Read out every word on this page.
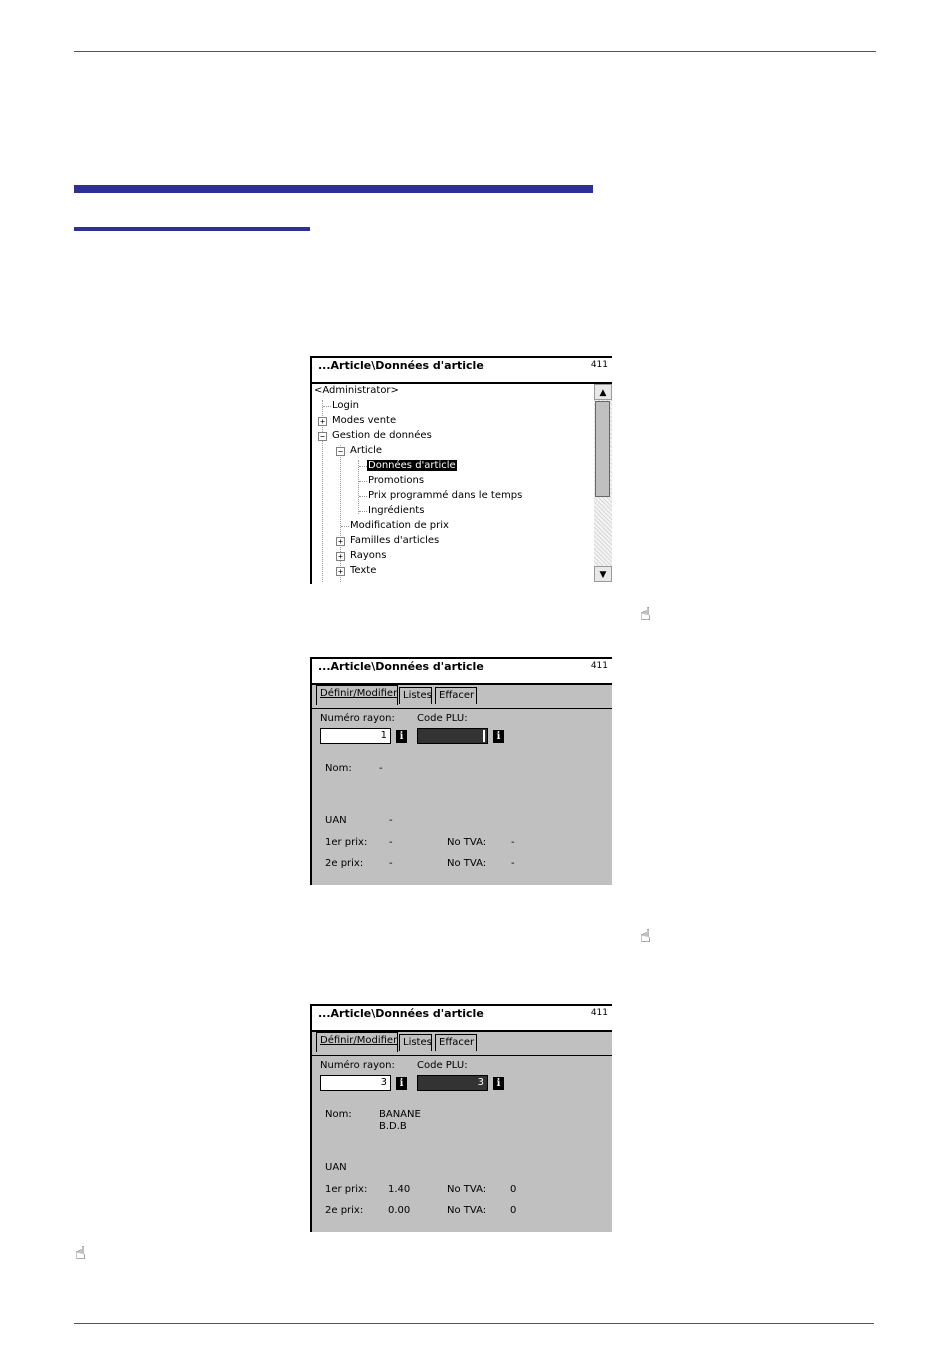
☝
☝
☝
...Article\Données d'article	411
<Administrator>
Login
+ Modes vente
− Gestion de données
− Article
Données d'article
Promotions
Prix programmé dans le temps
Ingrédients
Modification de prix
+ Familles d'articles
+ Rayons
+ Texte
▲
▼
...Article\Données d'article	411
Définir/Modifier Listes Effacer
Numéro rayon: Code PLU:
1	i	i
Nom:	-
UAN	-
1er prix: -	No TVA: -
2e prix:	-	No TVA: -
...Article\Données d'article	411
Définir/Modifier Listes Effacer
Numéro rayon: Code PLU:
3	i	3	i
Nom:	BANANE
B.D.B
UAN
1er prix: 1.40	No TVA: 0
2e prix: 0.00	No TVA: 0
